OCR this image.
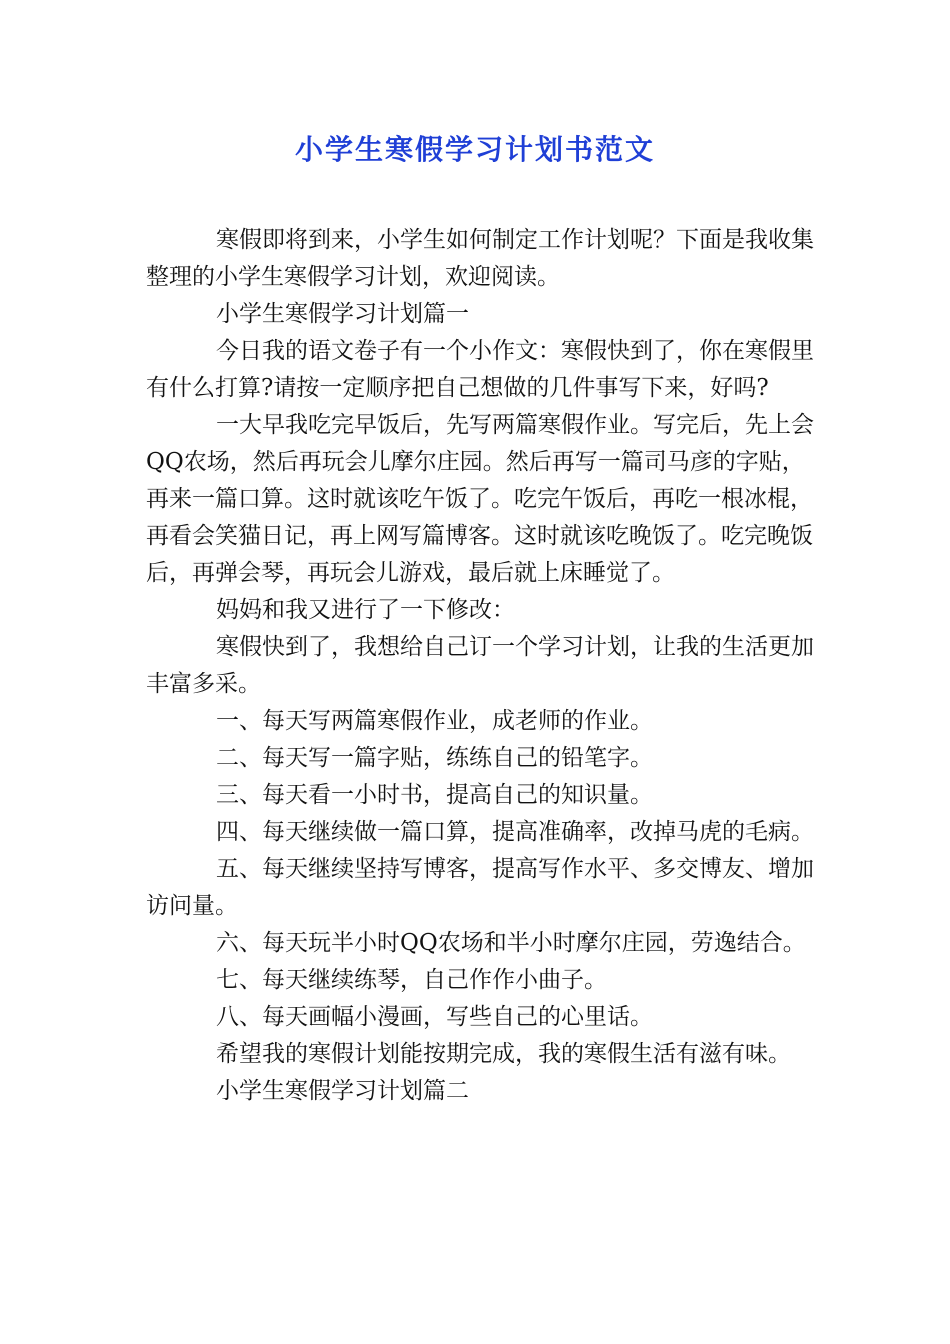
小学生寒假学习计划书范文

寒假即将到来，小学生如何制定工作计划呢？下面是我收集整理的小学生寒假学习计划，欢迎阅读。

小学生寒假学习计划篇一

今日我的语文卷子有一个小作文：寒假快到了，你在寒假里有什么打算?请按一定顺序把自己想做的几件事写下来，好吗?

一大早我吃完早饭后，先写两篇寒假作业。写完后，先上会QQ农场，然后再玩会儿摩尔庄园。然后再写一篇司马彦的字贴，再来一篇口算。这时就该吃午饭了。吃完午饭后，再吃一根冰棍，再看会笑猫日记，再上网写篇博客。这时就该吃晚饭了。吃完晚饭后，再弹会琴，再玩会儿游戏，最后就上床睡觉了。

妈妈和我又进行了一下修改：

寒假快到了，我想给自己订一个学习计划，让我的生活更加丰富多采。

一、每天写两篇寒假作业，成老师的作业。

二、每天写一篇字贴，练练自己的铅笔字。

三、每天看一小时书，提高自己的知识量。

四、每天继续做一篇口算，提高准确率，改掉马虎的毛病。

五、每天继续坚持写博客，提高写作水平、多交博友、增加访问量。

六、每天玩半小时QQ农场和半小时摩尔庄园，劳逸结合。

七、每天继续练琴，自己作作小曲子。

八、每天画幅小漫画，写些自己的心里话。

希望我的寒假计划能按期完成，我的寒假生活有滋有味。

小学生寒假学习计划篇二
